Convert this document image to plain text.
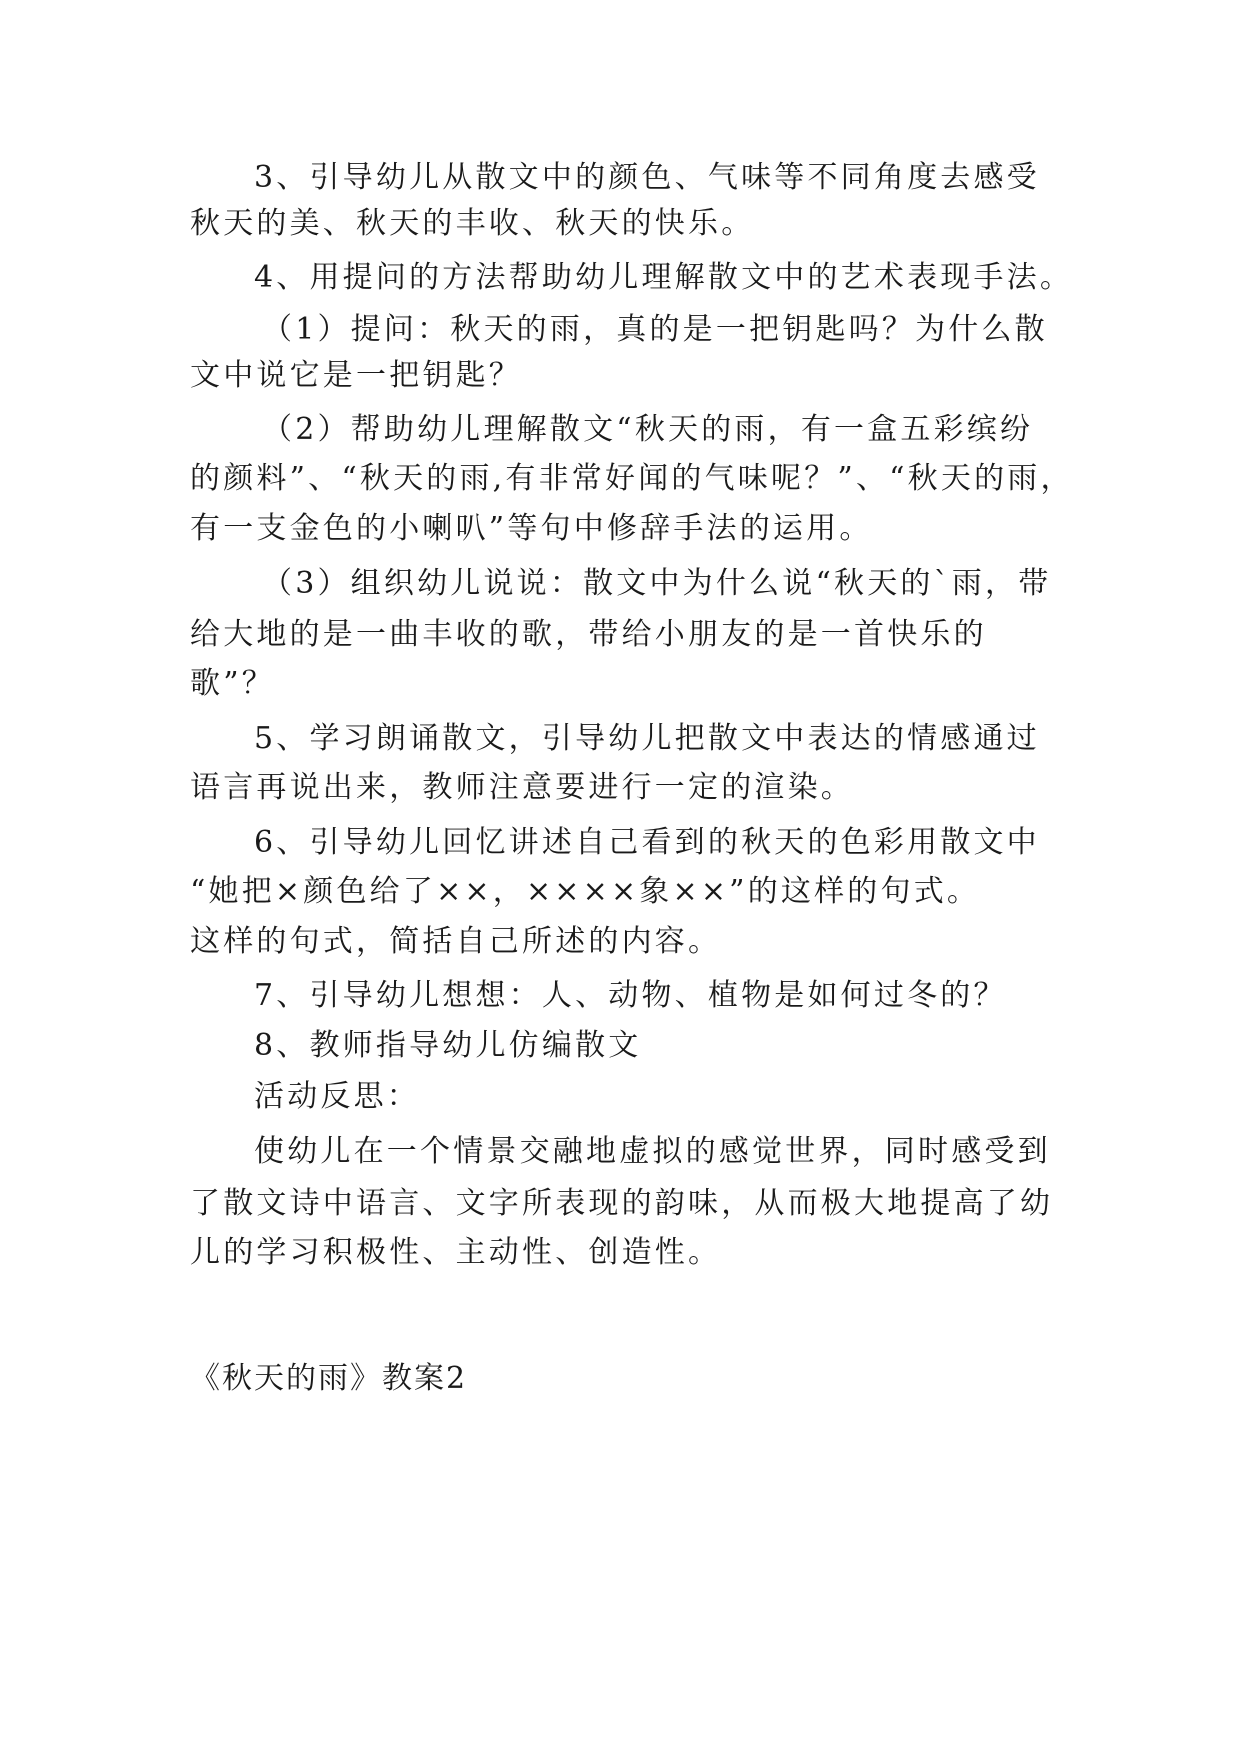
3、引导幼儿从散文中的颜色、气味等不同角度去感受
秋天的美、秋天的丰收、秋天的快乐。
4、用提问的方法帮助幼儿理解散文中的艺术表现手法。
（1）提问：秋天的雨，真的是一把钥匙吗？为什么散
文中说它是一把钥匙？
（2）帮助幼儿理解散文“秋天的雨，有一盒五彩缤纷
的颜料”、“秋天的雨,有非常好闻的气味呢？”、“秋天的雨，
有一支金色的小喇叭”等句中修辞手法的运用。
（3）组织幼儿说说：散文中为什么说“秋天的`雨，带
给大地的是一曲丰收的歌，带给小朋友的是一首快乐的
歌”？
5、学习朗诵散文，引导幼儿把散文中表达的情感通过
语言再说出来，教师注意要进行一定的渲染。
6、引导幼儿回忆讲述自己看到的秋天的色彩用散文中
“她把×颜色给了××，××××象××”的这样的句式。
这样的句式，简括自己所述的内容。
7、引导幼儿想想：人、动物、植物是如何过冬的？
8、教师指导幼儿仿编散文
活动反思：
使幼儿在一个情景交融地虚拟的感觉世界，同时感受到
了散文诗中语言、文字所表现的韵味，从而极大地提高了幼
儿的学习积极性、主动性、创造性。
《秋天的雨》教案2
